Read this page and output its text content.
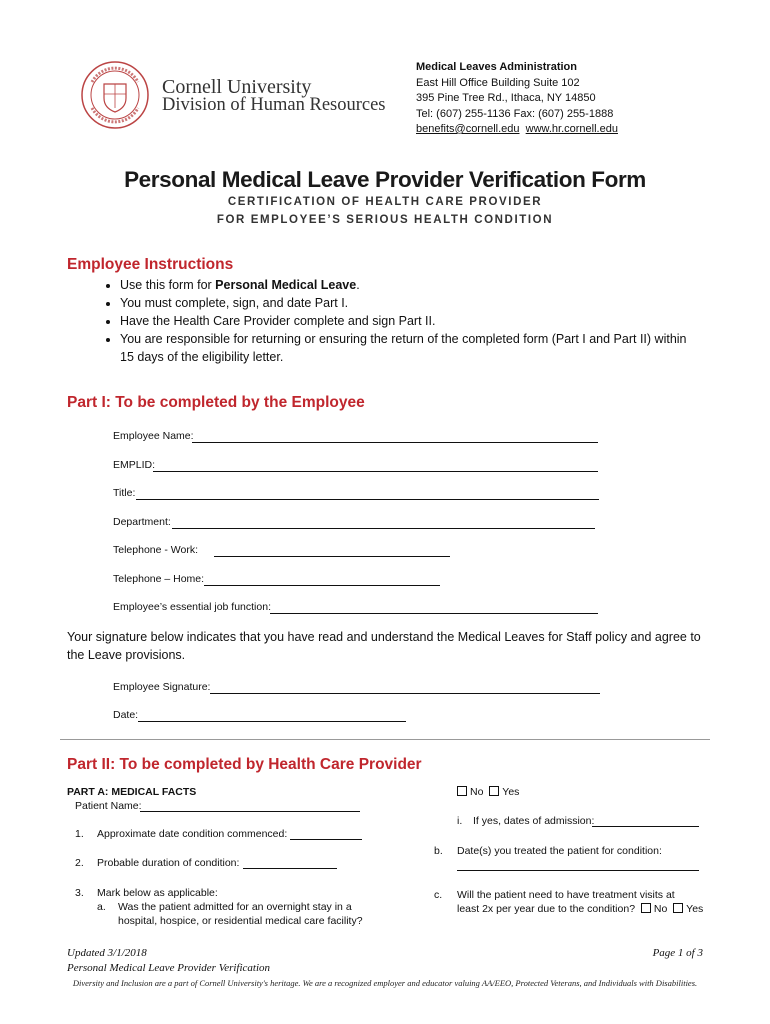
Cornell University
Division of Human Resources
Medical Leaves Administration
East Hill Office Building Suite 102
395 Pine Tree Rd., Ithaca, NY 14850
Tel: (607) 255-1136 Fax: (607) 255-1888
benefits@cornell.edu www.hr.cornell.edu
Personal Medical Leave Provider Verification Form
CERTIFICATION OF HEALTH CARE PROVIDER
FOR EMPLOYEE’S SERIOUS HEALTH CONDITION
Employee Instructions
• Use this form for Personal Medical Leave.
• You must complete, sign, and date Part I.
• Have the Health Care Provider complete and sign Part II.
• You are responsible for returning or ensuring the return of the completed form (Part I and Part II) within 15 days of the eligibility letter.
Part I: To be completed by the Employee
Employee Name:
EMPLID:
Title:
Department:
Telephone - Work:
Telephone – Home:
Employee’s essential job function:
Your signature below indicates that you have read and understand the Medical Leaves for Staff policy and agree to the Leave provisions.
Employee Signature:
Date:
Part II: To be completed by Health Care Provider
PART A: MEDICAL FACTS
Patient Name:
1. Approximate date condition commenced:
2. Probable duration of condition:
3. Mark below as applicable:
a. Was the patient admitted for an overnight stay in a
hospital, hospice, or residential medical care facility?
No Yes
i. If yes, dates of admission:
b. Date(s) you treated the patient for condition:
c. Will the patient need to have treatment visits at
least 2x per year due to the condition? No Yes
Updated 3/1/2018
Personal Medical Leave Provider Verification
Page 1 of 3
Diversity and Inclusion are a part of Cornell University's heritage. We are a recognized employer and educator valuing AA/EEO, Protected Veterans, and Individuals with Disabilities.
